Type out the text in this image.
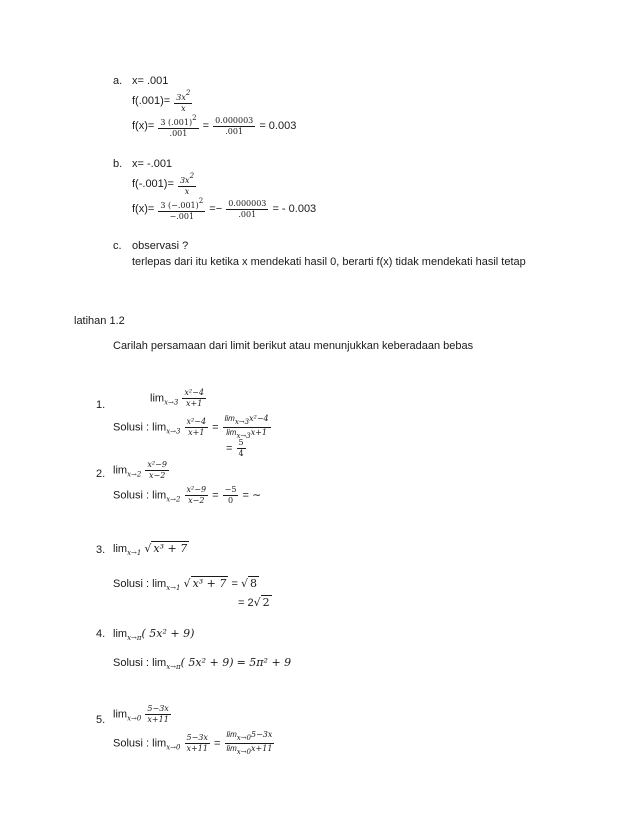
a. x= .001
$f(.001)= \frac{3x2}{x}$
$f(x)= \frac{3 (.001)2}{.001} = \frac{0.000003}{.001} = 0.003$
b. x= -.001
$f(-.001)= \frac{3x2}{x}$
$f(x)= \frac{3 (-.001)2}{-.001} =- \frac{0.000003}{.001}$ = - 0.003
c. observasi ?
terlepas dari itu ketika x mendekati hasil 0, berarti f(x) tidak mendekati hasil tetap
latihan 1.2
Carilah persamaan dari limit berikut atau menunjukkan keberadaan bebas
1.
$\lim_{x\to 3} \frac{\text{x²−4}}{x+1}$
Solusi : $\lim_{x\to 3} \frac{\text{x²−4}}{x+1} = \frac{\text{limx→3x²−4}}{\lim x\to 3x+1}$
= $\frac{5}{4}$
2. $\lim_{x\to 2} \frac{\text{x²−9}}{x-2}$
Solusi : $\lim_{x\to 2} \frac{\text{x²−9}}{x-2} = \frac{-5}{0}$ = ∼
3. $\lim_{x\to 1}$ √ x³ + 7
Solusi : $\lim_{x\to 1}$ √ x³ + 7 = √ 8
= 2√ 2
4. $\lim_{x\to\pi}$( 5x² + 9)
Solusi : $\lim_{x\to\pi}$( 5x² + 9) = 5π² + 9
5. $\lim_{x\to 0} \frac{5-3x}{x+11}$
Solusi : $\lim_{x\to 0} \frac{5-3x}{x+11} = \frac{\lim x\to 05-3x}{\lim x\to 0x+11}$
